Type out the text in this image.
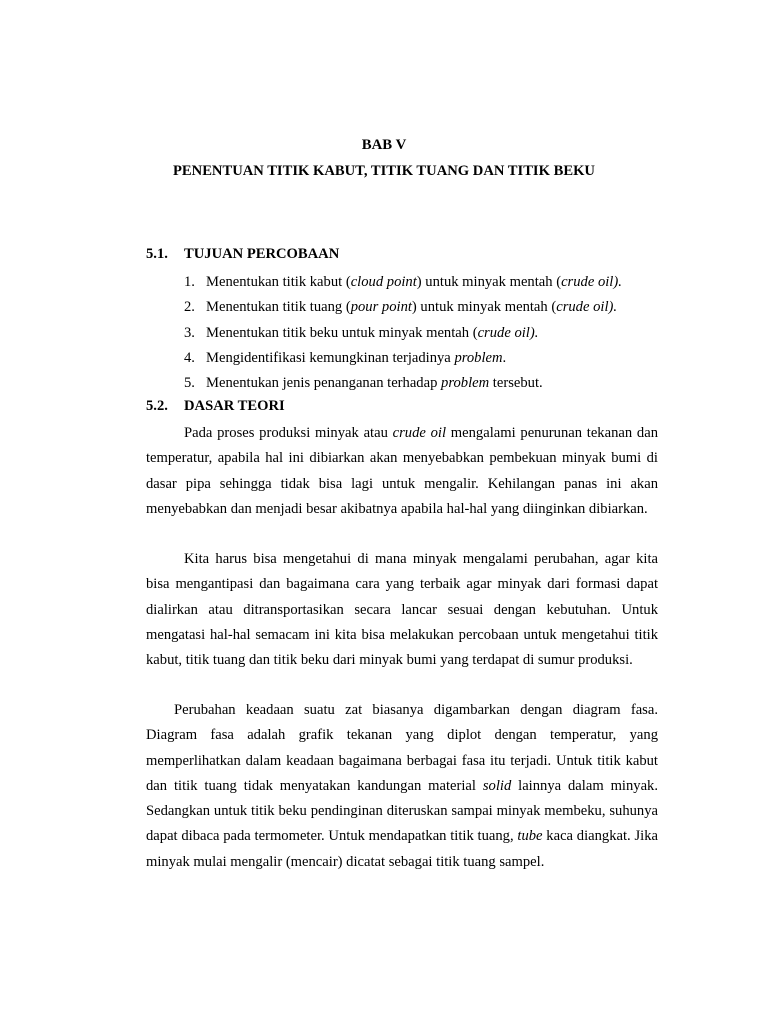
BAB V
PENENTUAN TITIK KABUT, TITIK TUANG DAN TITIK BEKU
5.1. TUJUAN PERCOBAAN
1. Menentukan titik kabut (cloud point) untuk minyak mentah (crude oil).
2. Menentukan titik tuang (pour point) untuk minyak mentah (crude oil).
3. Menentukan titik beku untuk minyak mentah (crude oil).
4. Mengidentifikasi kemungkinan terjadinya problem.
5. Menentukan jenis penanganan terhadap problem tersebut.
5.2. DASAR TEORI

Pada proses produksi minyak atau crude oil mengalami penurunan tekanan dan temperatur, apabila hal ini dibiarkan akan menyebabkan pembekuan minyak bumi di dasar pipa sehingga tidak bisa lagi untuk mengalir. Kehilangan panas ini akan menyebabkan dan menjadi besar akibatnya apabila hal-hal yang diinginkan dibiarkan.

Kita harus bisa mengetahui di mana minyak mengalami perubahan, agar kita bisa mengantipasi dan bagaimana cara yang terbaik agar minyak dari formasi dapat dialirkan atau ditransportasikan secara lancar sesuai dengan kebutuhan. Untuk mengatasi hal-hal semacam ini kita bisa melakukan percobaan untuk mengetahui titik kabut, titik tuang dan titik beku dari minyak bumi yang terdapat di sumur produksi.

Perubahan keadaan suatu zat biasanya digambarkan dengan diagram fasa. Diagram fasa adalah grafik tekanan yang diplot dengan temperatur, yang memperlihatkan dalam keadaan bagaimana berbagai fasa itu terjadi. Untuk titik kabut dan titik tuang tidak menyatakan kandungan material solid lainnya dalam minyak. Sedangkan untuk titik beku pendinginan diteruskan sampai minyak membeku, suhunya dapat dibaca pada termometer. Untuk mendapatkan titik tuang, tube kaca diangkat. Jika minyak mulai mengalir (mencair) dicatat sebagai titik tuang sampel.
